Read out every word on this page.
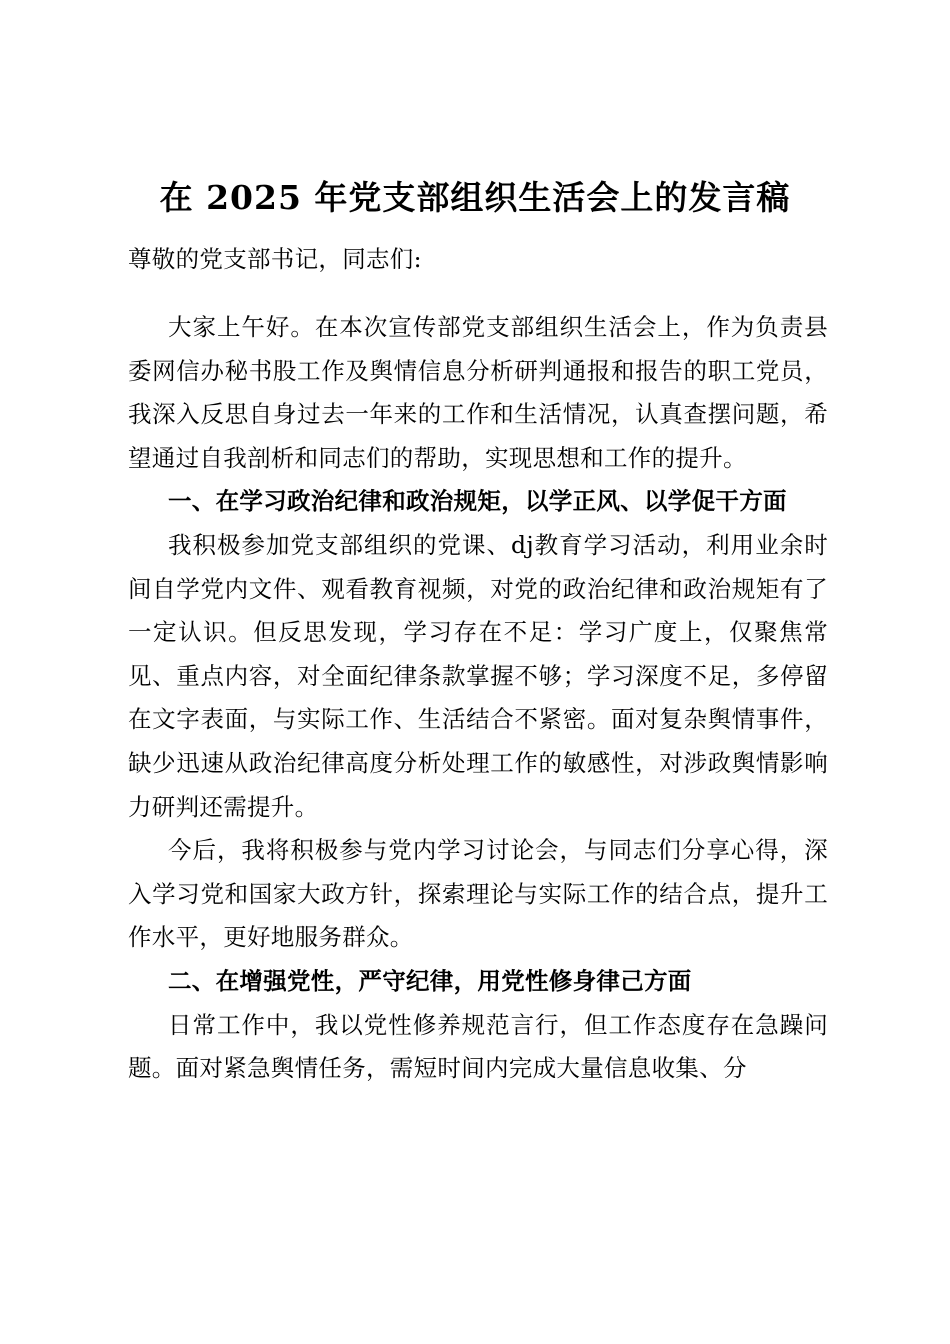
在 2025 年党支部组织生活会上的发言稿

尊敬的党支部书记，同志们:

大家上午好。在本次宣传部党支部组织生活会上，作为负责县委网信办秘书股工作及舆情信息分析研判通报和报告的职工党员，我深入反思自身过去一年来的工作和生活情况，认真查摆问题，希望通过自我剖析和同志们的帮助，实现思想和工作的提升。

一、在学习政治纪律和政治规矩，以学正风、以学促干方面

我积极参加党支部组织的党课、dj教育学习活动，利用业余时间自学党内文件、观看教育视频，对党的政治纪律和政治规矩有了一定认识。但反思发现，学习存在不足：学习广度上，仅聚焦常见、重点内容，对全面纪律条款掌握不够；学习深度不足，多停留在文字表面，与实际工作、生活结合不紧密。面对复杂舆情事件，缺少迅速从政治纪律高度分析处理工作的敏感性，对涉政舆情影响力研判还需提升。

今后，我将积极参与党内学习讨论会，与同志们分享心得，深入学习党和国家大政方针，探索理论与实际工作的结合点，提升工作水平，更好地服务群众。

二、在增强党性，严守纪律，用党性修身律己方面

日常工作中，我以党性修养规范言行，但工作态度存在急躁问题。面对紧急舆情任务，需短时间内完成大量信息收集、分
